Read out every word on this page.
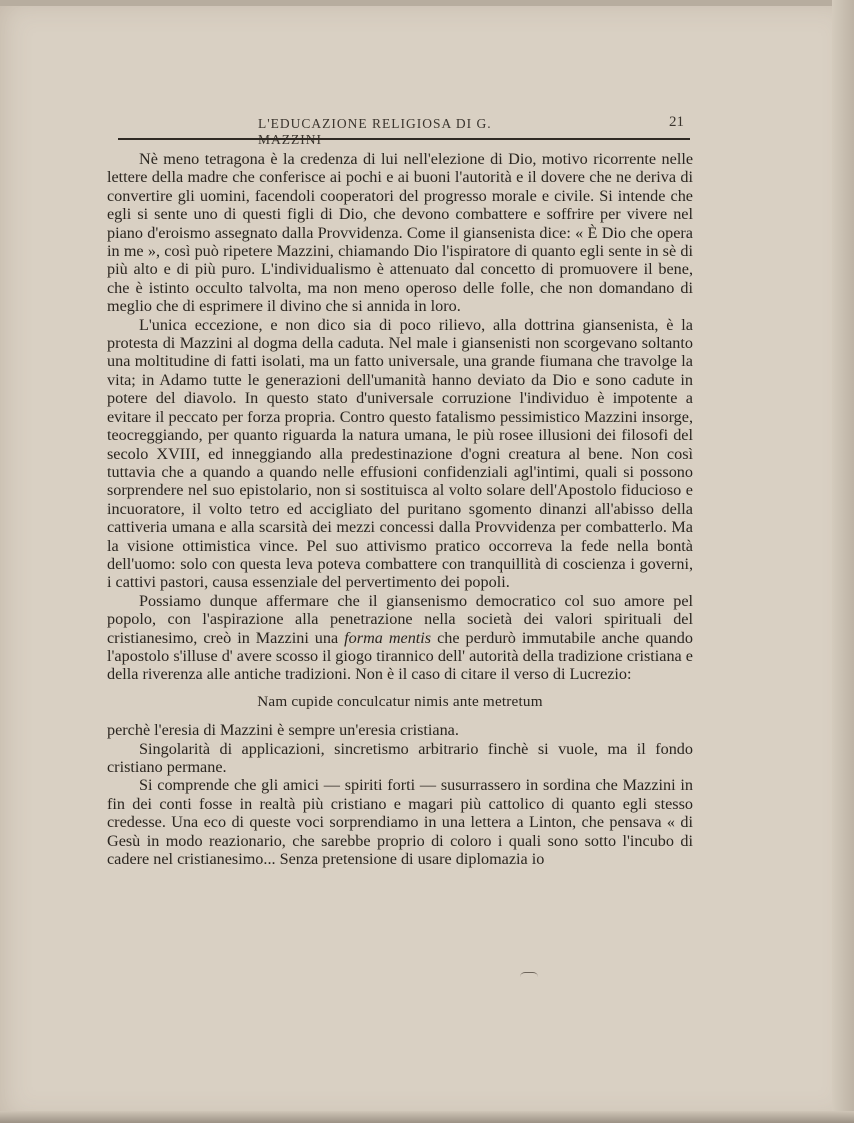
L'EDUCAZIONE RELIGIOSA DI G.	21

Nè meno tetragona è la credenza di lui nell'elezione di Dio, motivo ricorrente nelle lettere della madre che conferisce ai pochi e ai buoni l'autorità e il dovere che ne deriva di convertire gli uomini, facendoli cooperatori del progresso morale e civile. Si intende che egli si sente uno di questi figli di Dio, che devono combattere e soffrire per vivere nel piano d'eroismo assegnato dalla Provvidenza. Come il giansenista dice: « È Dio che opera in me », così può ripetere Mazzini, chiamando Dio l'ispiratore di quanto egli sente in sè di più alto e di più puro. L'individualismo è attenuato dal concetto di promuovere il bene, che è istinto occulto talvolta, ma non meno operoso delle folle, che non domandano di meglio che di esprimere il divino che si annida in loro.

L'unica eccezione, e non dico sia di poco rilievo, alla dottrina giansenista, è la protesta di Mazzini al dogma della caduta. Nel male i giansenisti non scorgevano soltanto una moltitudine di fatti isolati, ma un fatto universale, una grande fiumana che travolge la vita; in Adamo tutte le generazioni dell'umanità hanno deviato da Dio e sono cadute in potere del diavolo. In questo stato d'universale corruzione l'individuo è impotente a evitare il peccato per forza propria. Contro questo fatalismo pessimistico Mazzini insorge, teocreggiando, per quanto riguarda la natura umana, le più rosee illusioni dei filosofi del secolo XVIII, ed inneggiando alla predestinazione d'ogni creatura al bene. Non così tuttavia che a quando a quando nelle effusioni confidenziali agl'intimi, quali si possono sorprendere nel suo epistolario, non si sostituisca al volto solare dell'Apostolo fiducioso e incuoratore, il volto tetro ed accigliato del puritano sgomento dinanzi all'abisso della cattiveria umana e alla scarsità dei mezzi concessi dalla Provvidenza per combatterlo. Ma la visione ottimistica vince. Pel suo attivismo pratico occorreva la fede nella bontà dell'uomo: solo con questa leva poteva combattere con tranquillità di coscienza i governi, i cattivi pastori, causa essenziale del pervertimento dei popoli.

Possiamo dunque affermare che il giansenismo democratico col suo amore pel popolo, con l'aspirazione alla penetrazione nella società dei valori spirituali del cristianesimo, creò in Mazzini una forma mentis che perdurò immutabile anche quando l'apostolo s'illuse d' avere scosso il giogo tirannico dell' autorità della tradizione cristiana e della riverenza alle antiche tradizioni. Non è il caso di citare il verso di Lucrezio:

Nam cupide conculcatur nimis ante metretum

perchè l'eresia di Mazzini è sempre un'eresia cristiana.

Singolarità di applicazioni, sincretismo arbitrario finchè si vuole, ma il fondo cristiano permane.

Si comprende che gli amici — spiriti forti — susurrassero in sordina che Mazzini in fin dei conti fosse in realtà più cristiano e magari più cattolico di quanto egli stesso credesse. Una eco di queste voci sorprendiamo in una lettera a Linton, che pensava « di Gesù in modo reazionario, che sarebbe proprio di coloro i quali sono sotto l'incubo di cadere nel cristianesimo... Senza pretensione di usare diplomazia io
